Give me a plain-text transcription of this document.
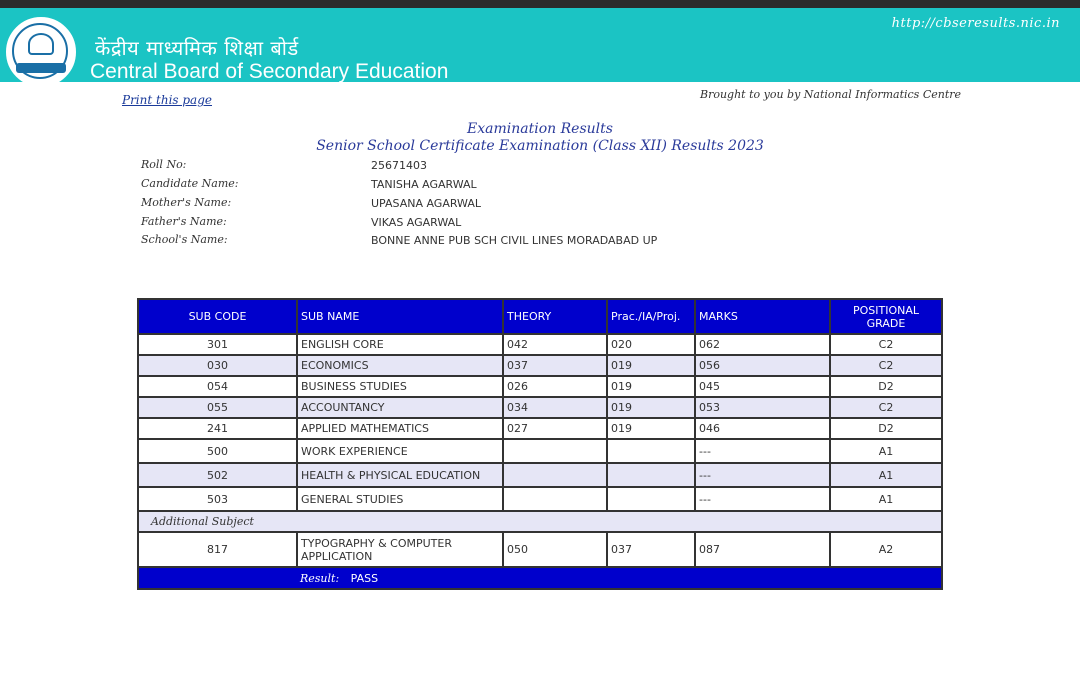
केंद्रीय माध्यमिक शिक्षा बोर्ड
Central Board of Secondary Education
http://cbseresults.nic.in
Print this page	Brought to you by National Informatics Centre
Examination Results
Senior School Certificate Examination (Class XII) Results 2023
Roll No:	25671403
Candidate Name:	TANISHA AGARWAL
Mother's Name:	UPASANA AGARWAL
Father's Name:	VIKAS AGARWAL
School's Name:	BONNE ANNE PUB SCH CIVIL LINES MORADABAD UP
SUB CODE	SUB NAME	THEORY	Prac./IA/Proj.	MARKS	POSITIONAL GRADE
301	ENGLISH CORE	042	020	062	C2
030	ECONOMICS	037	019	056	C2
054	BUSINESS STUDIES	026	019	045	D2
055	ACCOUNTANCY	034	019	053	C2
241	APPLIED MATHEMATICS	027	019	046	D2
500	WORK EXPERIENCE			---	A1
502	HEALTH & PHYSICAL EDUCATION			---	A1
503	GENERAL STUDIES			---	A1
Additional Subject					
817	TYPOGRAPHY & COMPUTER APPLICATION	050	037	087	A2
	Result: PASS				
